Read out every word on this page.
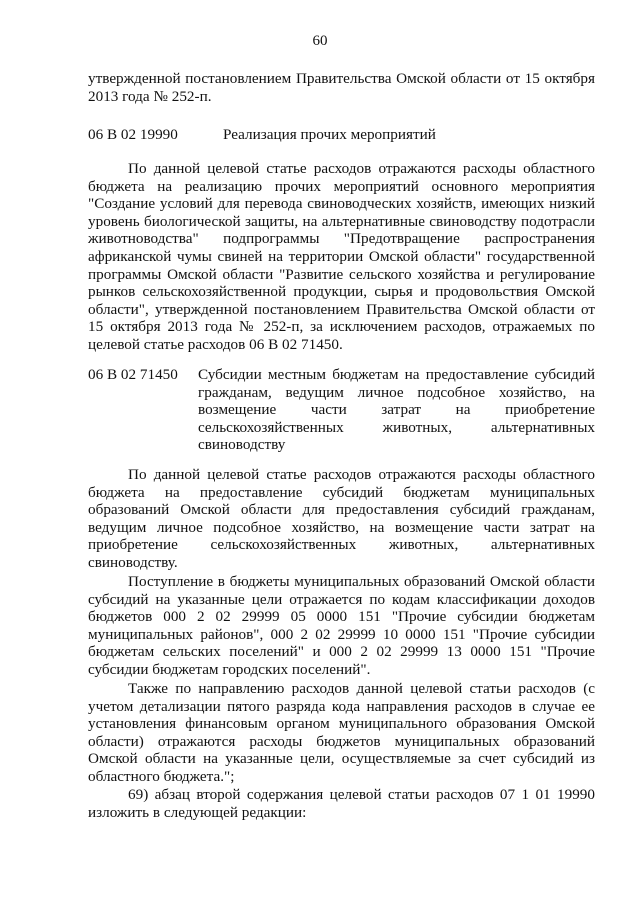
60
утвержденной постановлением Правительства Омской области от 15 октября 2013 года № 252-п.
06 В 02 19990	Реализация прочих мероприятий
По данной целевой статье расходов отражаются расходы областного бюджета на реализацию прочих мероприятий основного мероприятия "Создание условий для перевода свиноводческих хозяйств, имеющих низкий уровень биологической защиты, на альтернативные свиноводству подотрасли животноводства" подпрограммы "Предотвращение распространения африканской чумы свиней на территории Омской области" государственной программы Омской области "Развитие сельского хозяйства и регулирование рынков сельскохозяйственной продукции, сырья и продовольствия Омской области", утвержденной постановлением Правительства Омской области от 15 октября 2013 года № 252-п, за исключением расходов, отражаемых по целевой статье расходов 06 В 02 71450.
06 В 02 71450	Субсидии местным бюджетам на предоставление субсидий гражданам, ведущим личное подсобное хозяйство, на возмещение части затрат на приобретение сельскохозяйственных животных, альтернативных свиноводству
По данной целевой статье расходов отражаются расходы областного бюджета на предоставление субсидий бюджетам муниципальных образований Омской области для предоставления субсидий гражданам, ведущим личное подсобное хозяйство, на возмещение части затрат на приобретение сельскохозяйственных животных, альтернативных свиноводству.
Поступление в бюджеты муниципальных образований Омской области субсидий на указанные цели отражается по кодам классификации доходов бюджетов 000 2 02 29999 05 0000 151 "Прочие субсидии бюджетам муниципальных районов", 000 2 02 29999 10 0000 151 "Прочие субсидии бюджетам сельских поселений" и 000 2 02 29999 13 0000 151 "Прочие субсидии бюджетам городских поселений".
Также по направлению расходов данной целевой статьи расходов (с учетом детализации пятого разряда кода направления расходов в случае ее установления финансовым органом муниципального образования Омской области) отражаются расходы бюджетов муниципальных образований Омской области на указанные цели, осуществляемые за счет субсидий из областного бюджета.";
69) абзац второй содержания целевой статьи расходов 07 1 01 19990 изложить в следующей редакции:
